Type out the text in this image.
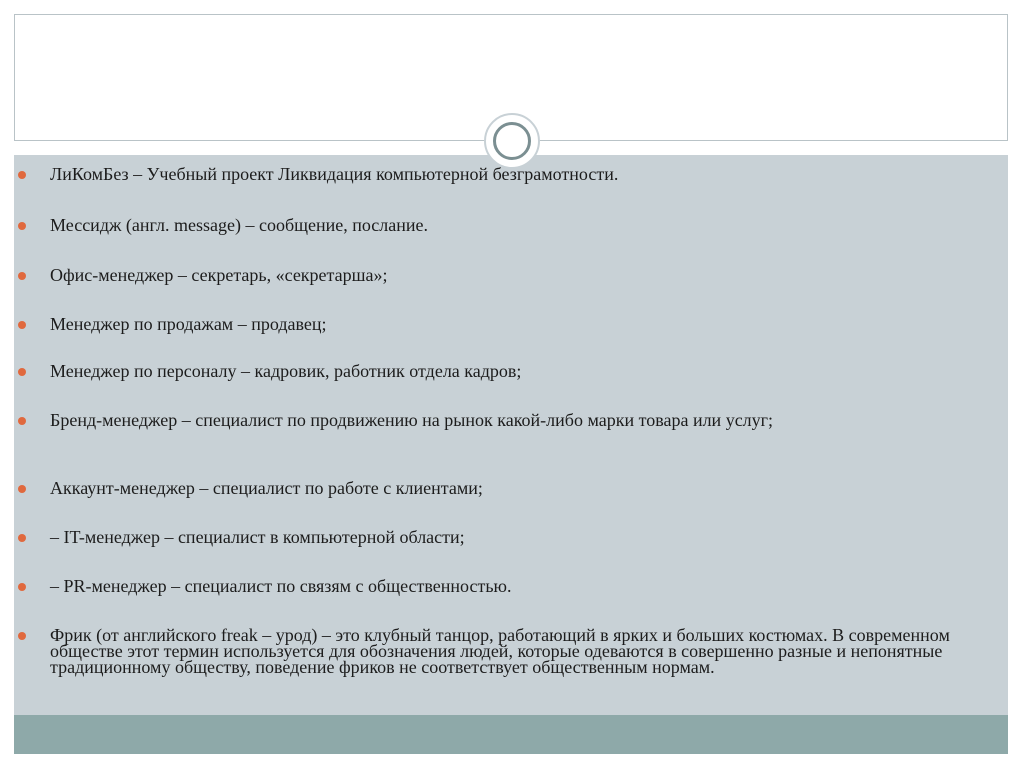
ЛиКомБез – Учебный проект Ликвидация компьютерной безграмотности.
Мессидж (англ. message) – сообщение, послание.
Офис-менеджер – секретарь, «секретарша»;
Менеджер по продажам – продавец;
Менеджер по персоналу – кадровик, работник отдела кадров;
Бренд-менеджер – специалист по продвижению на рынок какой-либо марки товара или услуг;
Аккаунт-менеджер – специалист по работе с клиентами;
– IT-менеджер – специалист в компьютерной области;
– PR-менеджер – специалист по связям с общественностью.
Фрик (от английского freak – урод) – это клубный танцор, работающий в ярких и больших костюмах. В современном обществе этот термин используется для обозначения людей, которые одеваются в совершенно разные и непонятные традиционному обществу, поведение фриков не соответствует общественным нормам.
